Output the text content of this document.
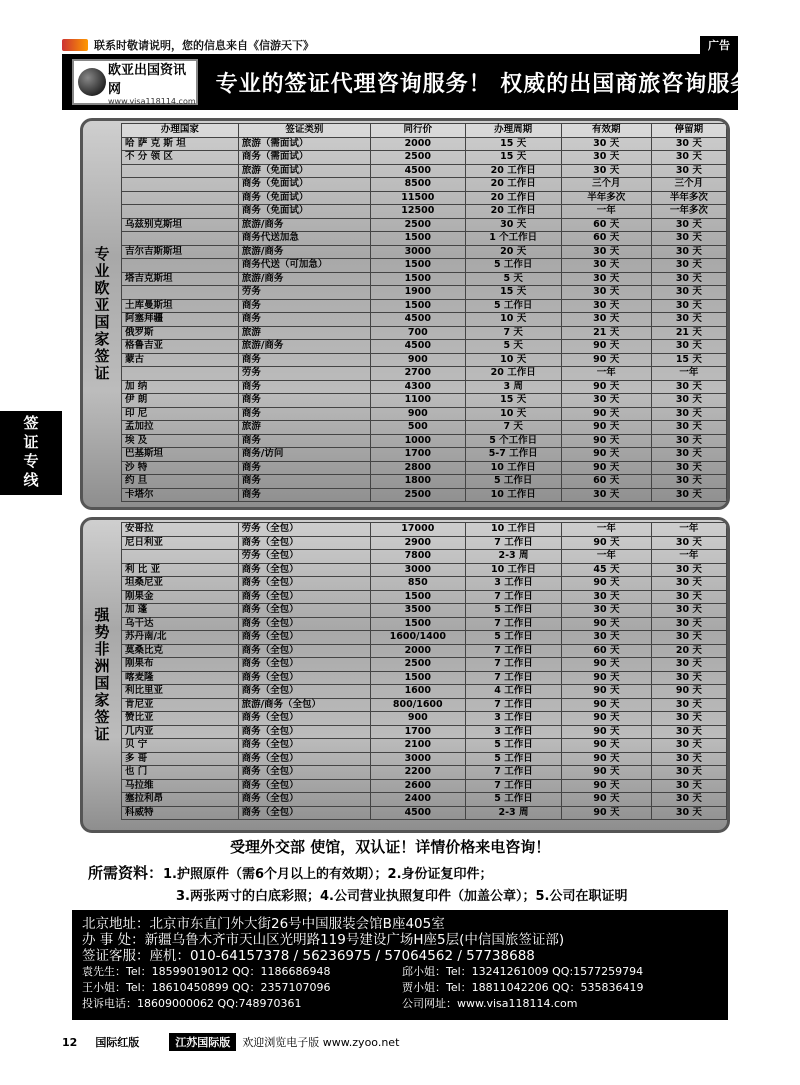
联系时敬请说明，您的信息来自《信游天下》	广告
欧亚出国资讯网
www.visa118114.com
专业的签证代理咨询服务！ 权威的出国商旅咨询服务
签证专线
专业欧亚国家签证
办理国家	签证类别	同行价	办理周期	有效期	停留期
哈 萨 克 斯 坦	旅游（需面试）	2000	15 天	30 天	30 天
不 分 领 区	商务（需面试）	2500	15 天	30 天	30 天
	旅游（免面试）	4500	20 工作日	30 天	30 天
	商务（免面试）	8500	20 工作日	三个月	三个月
	商务（免面试）	11500	20 工作日	半年多次	半年多次
	商务（免面试）	12500	20 工作日	一年	一年多次
乌兹别克斯坦	旅游/商务	2500	30 天	60 天	30 天
	商务代送加急	1500	1 个工作日	60 天	30 天
吉尔吉斯斯坦	旅游/商务	3000	20 天	30 天	30 天
	商务代送（可加急）	1500	5 工作日	30 天	30 天
塔吉克斯坦	旅游/商务	1500	5 天	30 天	30 天
	劳务	1900	15 天	30 天	30 天
土库曼斯坦	商务	1500	5 工作日	30 天	30 天
阿塞拜疆	商务	4500	10 天	30 天	30 天
俄罗斯	旅游	700	7 天	21 天	21 天
格鲁吉亚	旅游/商务	4500	5 天	90 天	30 天
蒙古	商务	900	10 天	90 天	15 天
	劳务	2700	20 工作日	一年	一年
加 纳	商务	4300	3 周	90 天	30 天
伊 朗	商务	1100	15 天	30 天	30 天
印 尼	商务	900	10 天	90 天	30 天
孟加拉	旅游	500	7 天	90 天	30 天
埃 及	商务	1000	5 个工作日	90 天	30 天
巴基斯坦	商务/访问	1700	5-7 工作日	90 天	30 天
沙 特	商务	2800	10 工作日	90 天	30 天
约 旦	商务	1800	5 工作日	60 天	30 天
卡塔尔	商务	2500	10 工作日	30 天	30 天
强势非洲国家签证
安哥拉	劳务（全包）	17000	10 工作日	一年	一年
尼日利亚	商务（全包）	2900	7 工作日	90 天	30 天
	劳务（全包）	7800	2-3 周	一年	一年
利 比 亚	商务（全包）	3000	10 工作日	45 天	30 天
坦桑尼亚	商务（全包）	850	3 工作日	90 天	30 天
刚果金	商务（全包）	1500	7 工作日	30 天	30 天
加 蓬	商务（全包）	3500	5 工作日	30 天	30 天
乌干达	商务（全包）	1500	7 工作日	90 天	30 天
苏丹南/北	商务（全包）	1600/1400	5 工作日	30 天	30 天
莫桑比克	商务（全包）	2000	7 工作日	60 天	20 天
刚果布	商务（全包）	2500	7 工作日	90 天	30 天
喀麦隆	商务（全包）	1500	7 工作日	90 天	30 天
利比里亚	商务（全包）	1600	4 工作日	90 天	90 天
肯尼亚	旅游/商务（全包）	800/1600	7 工作日	90 天	30 天
赞比亚	商务（全包）	900	3 工作日	90 天	30 天
几内亚	商务（全包）	1700	3 工作日	90 天	30 天
贝 宁	商务（全包）	2100	5 工作日	90 天	30 天
多 哥	商务（全包）	3000	5 工作日	90 天	30 天
也 门	商务（全包）	2200	7 工作日	90 天	30 天
马拉维	商务（全包）	2600	7 工作日	90 天	30 天
塞拉利昂	商务（全包）	2400	5 工作日	90 天	30 天
科威特	商务（全包）	4500	2-3 周	90 天	30 天
受理外交部 使馆，双认证！详情价格来电咨询！
所需资料：1.护照原件（需6个月以上的有效期）；2.身份证复印件；
3.两张两寸的白底彩照；4.公司营业执照复印件（加盖公章）；5.公司在职证明
北京地址：北京市东直门外大街26号中国服装会馆B座405室
办 事 处：新疆乌鲁木齐市天山区光明路119号建设广场H座5层(中信国旅签证部)
签证客服：座机：010-64157378 / 56236975 / 57064562 / 57738688
袁先生：Tel：18599019012 QQ：1186686948	邱小姐：Tel：13241261009 QQ:1577259794
王小姐：Tel：18610450899 QQ：2357107096	贾小姐：Tel：18811042206 QQ：535836419
投诉电话：18609000062 QQ:748970361	公司网址：www.visa118114.com
12 国际红版	江苏国际版	欢迎浏览电子版 www.zyoo.net
